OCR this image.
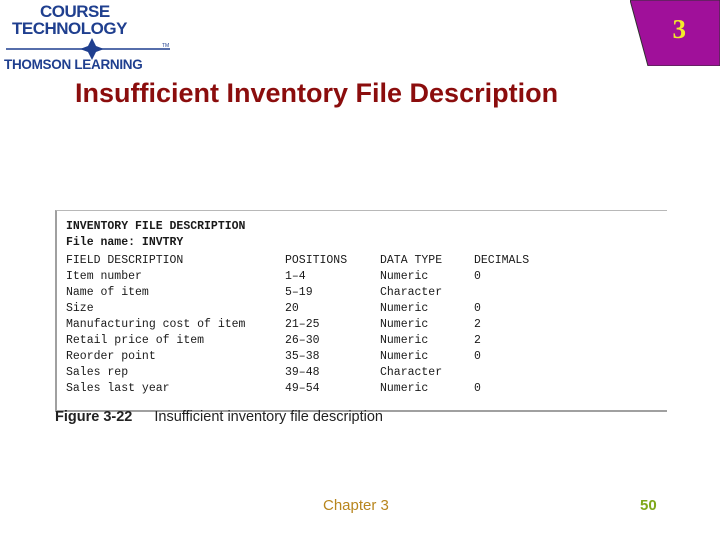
COURSE
TECHNOLOGY
TM
THOMSON LEARNING
3
Insufficient Inventory File Description
INVENTORY FILE DESCRIPTION
File name: INVTRY
FIELD DESCRIPTION	POSITIONS	DATA TYPE	DECIMALS
Item number	1–4	Numeric	0
Name of item	5–19	Character	
Size	20	Numeric	0
Manufacturing cost of item	21–25	Numeric	2
Retail price of item	26–30	Numeric	2
Reorder point	35–38	Numeric	0
Sales rep	39–48	Character	
Sales last year	49–54	Numeric	0
Figure 3-22 Insufficient inventory file description
Chapter 3	50
